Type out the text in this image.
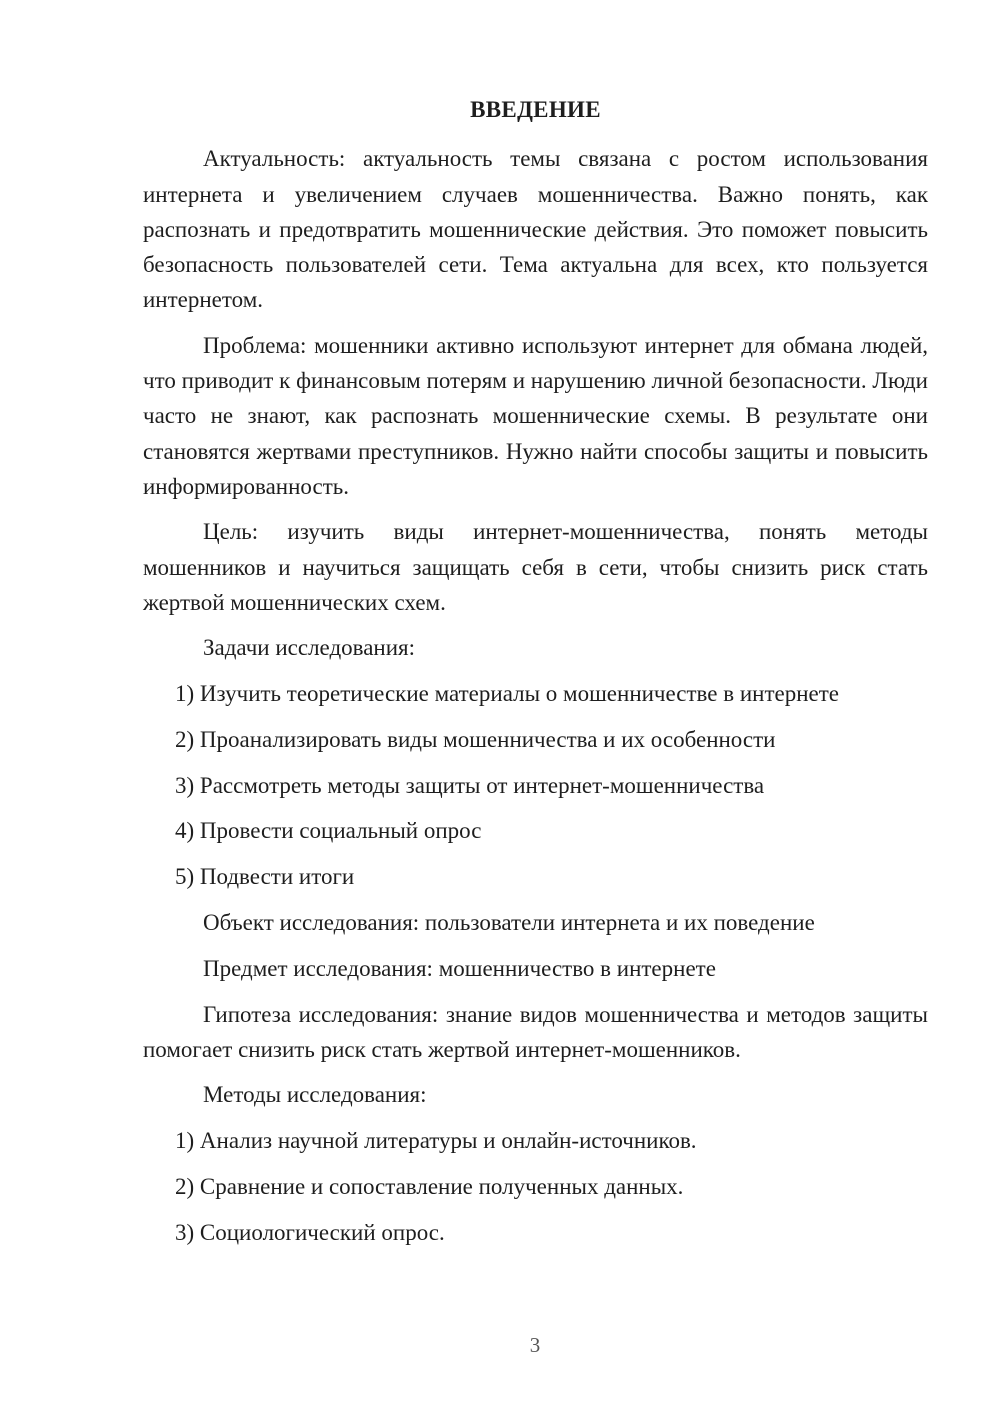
ВВЕДЕНИЕ

Актуальность: актуальность темы связана с ростом использования интернета и увеличением случаев мошенничества. Важно понять, как распознать и предотвратить мошеннические действия. Это поможет повысить безопасность пользователей сети. Тема актуальна для всех, кто пользуется интернетом.

Проблема: мошенники активно используют интернет для обмана людей, что приводит к финансовым потерям и нарушению личной безопасности. Люди часто не знают, как распознать мошеннические схемы. В результате они становятся жертвами преступников. Нужно найти способы защиты и повысить информированность.

Цель: изучить виды интернет-мошенничества, понять методы мошенников и научиться защищать себя в сети, чтобы снизить риск стать жертвой мошеннических схем.

Задачи исследования:

1) Изучить теоретические материалы о мошенничестве в интернете

2) Проанализировать виды мошенничества и их особенности

3) Рассмотреть методы защиты от интернет-мошенничества

4) Провести социальный опрос

5) Подвести итоги

Объект исследования: пользователи интернета и их поведение

Предмет исследования: мошенничество в интернете

Гипотеза исследования: знание видов мошенничества и методов защиты помогает снизить риск стать жертвой интернет-мошенников.

Методы исследования:

1) Анализ научной литературы и онлайн-источников.

2) Сравнение и сопоставление полученных данных.

3) Социологический опрос.

3
